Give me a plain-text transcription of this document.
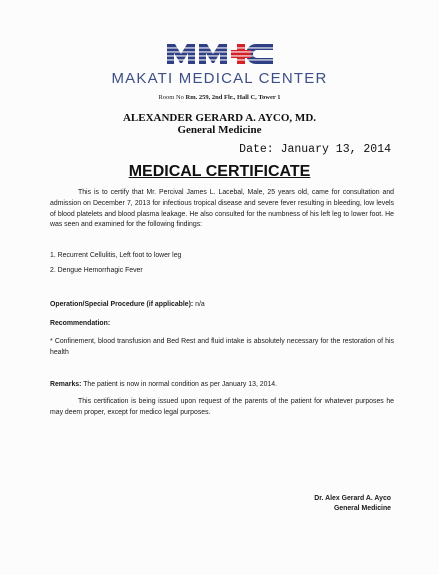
MAKATI MEDICAL CENTER
Room No Rm. 259, 2nd Flr., Hall C, Tower 1
ALEXANDER GERARD A. AYCO, MD.
General Medicine
Date: January 13, 2014
MEDICAL CERTIFICATE
This is to certify that Mr. Percival James L. Lacebal, Male, 25 years old, came for consultation and admission on December 7, 2013 for infectious tropical disease and severe fever resulting in bleeding, low levels of blood platelets and blood plasma leakage. He also consulted for the numbness of his left leg to lower foot. He was seen and examined for the following findings:
1. Recurrent Cellulitis, Left foot to lower leg
2. Dengue Hemorrhagic Fever
Operation/Special Procedure (if applicable): n/a
Recommendation:
* Confinement, blood transfusion and Bed Rest and fluid intake is absolutely necessary for the restoration of his health
Remarks: The patient is now in normal condition as per January 13, 2014.
This certification is being issued upon request of the parents of the patient for whatever purposes he may deem proper, except for medico legal purposes.
Dr. Alex Gerard A. Ayco
General Medicine
